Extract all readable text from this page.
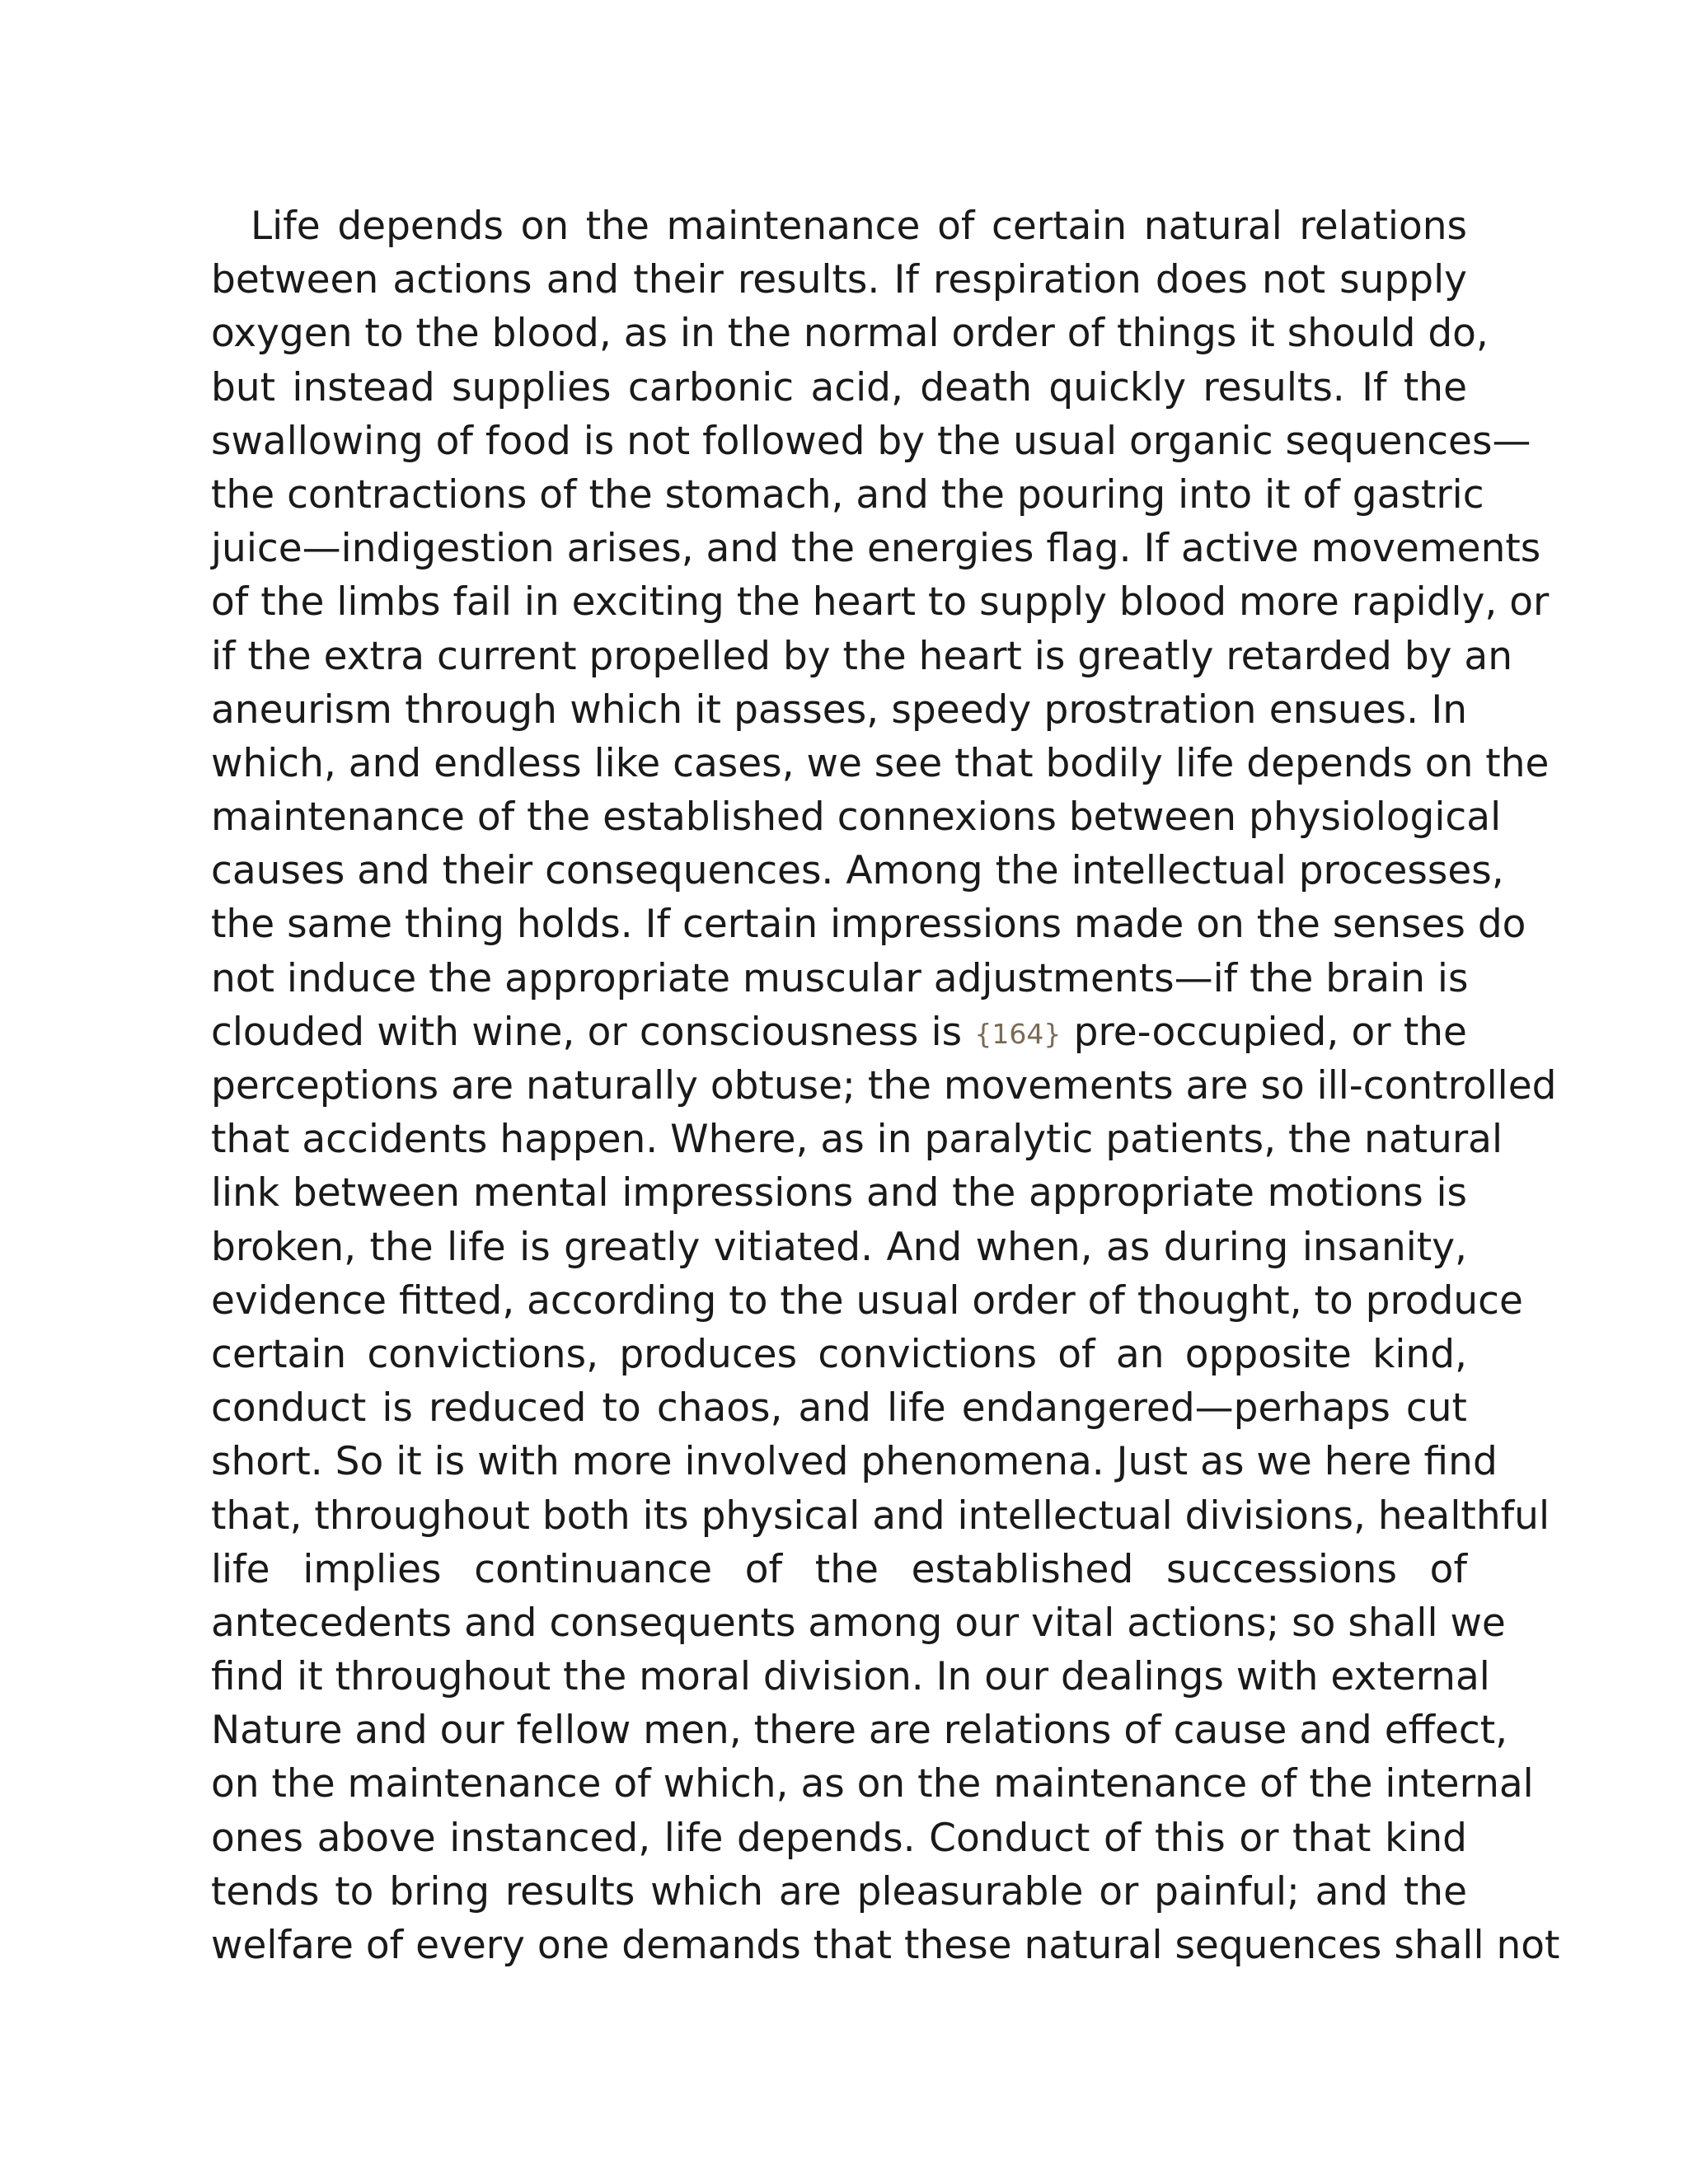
Life depends on the maintenance of certain natural relations
between actions and their results. If respiration does not supply
oxygen to the blood, as in the normal order of things it should do,
but instead supplies carbonic acid, death quickly results. If the
swallowing of food is not followed by the usual organic sequences—
the contractions of the stomach, and the pouring into it of gastric
juice—indigestion arises, and the energies flag. If active movements
of the limbs fail in exciting the heart to supply blood more rapidly, or
if the extra current propelled by the heart is greatly retarded by an
aneurism through which it passes, speedy prostration ensues. In
which, and endless like cases, we see that bodily life depends on the
maintenance of the established connexions between physiological
causes and their consequences. Among the intellectual processes,
the same thing holds. If certain impressions made on the senses do
not induce the appropriate muscular adjustments—if the brain is
clouded with wine, or consciousness is {164} pre-occupied, or the
perceptions are naturally obtuse; the movements are so ill-controlled
that accidents happen. Where, as in paralytic patients, the natural
link between mental impressions and the appropriate motions is
broken, the life is greatly vitiated. And when, as during insanity,
evidence fitted, according to the usual order of thought, to produce
certain convictions, produces convictions of an opposite kind,
conduct is reduced to chaos, and life endangered—perhaps cut
short. So it is with more involved phenomena. Just as we here find
that, throughout both its physical and intellectual divisions, healthful
life implies continuance of the established successions of
antecedents and consequents among our vital actions; so shall we
find it throughout the moral division. In our dealings with external
Nature and our fellow men, there are relations of cause and effect,
on the maintenance of which, as on the maintenance of the internal
ones above instanced, life depends. Conduct of this or that kind
tends to bring results which are pleasurable or painful; and the
welfare of every one demands that these natural sequences shall not
